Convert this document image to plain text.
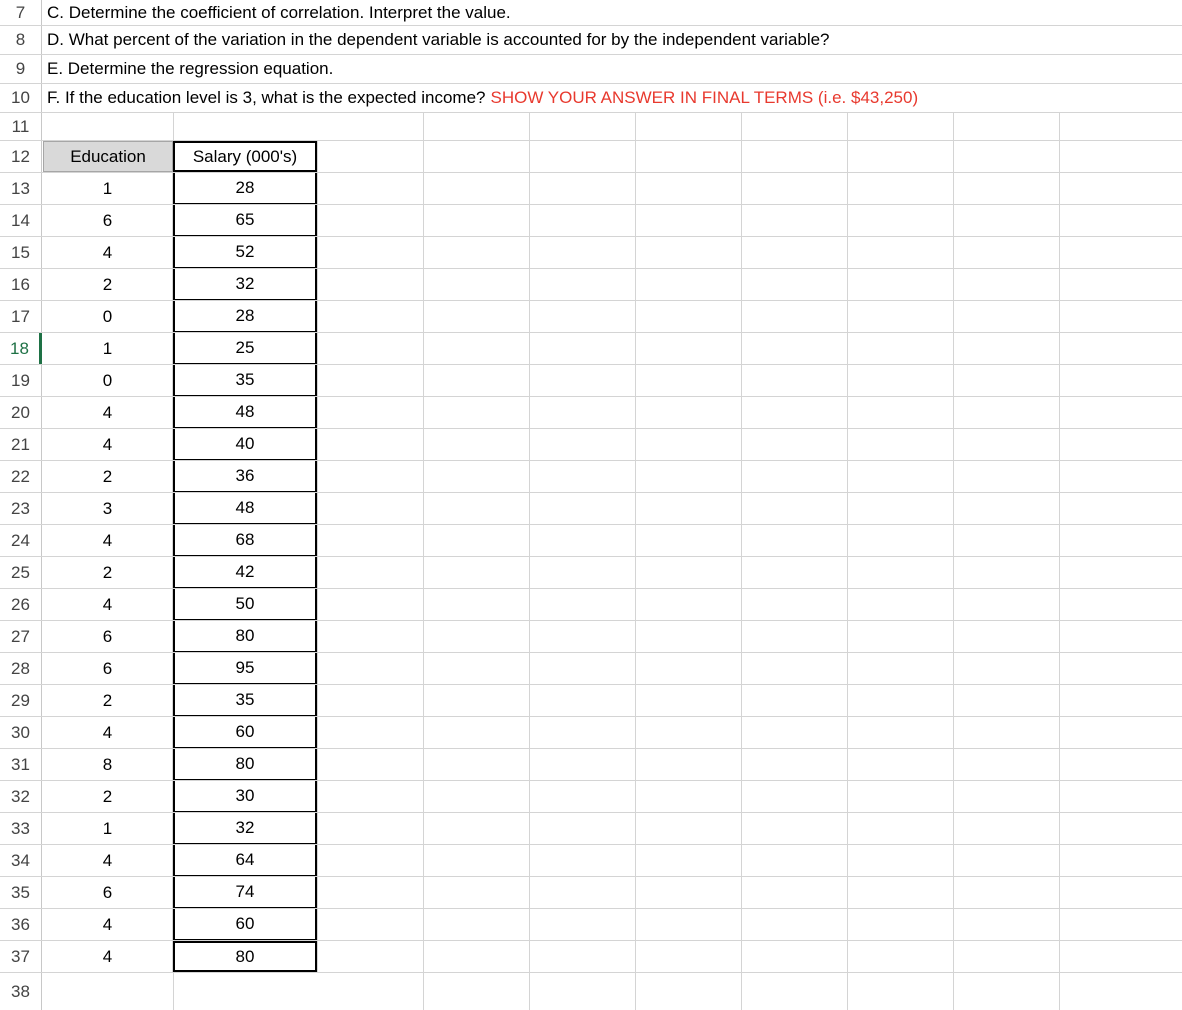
7	C. Determine the coefficient of correlation. Interpret the value.
8	D. What percent of the variation in the dependent variable is accounted for by the independent variable?
9	E. Determine the regression equation.
10	F. If the education level is 3, what is the expected income? SHOW YOUR ANSWER IN FINAL TERMS (i.e. $43,250)
11
12	Education	Salary (000's)
13	1	28
14	6	65
15	4	52
16	2	32
17	0	28
18	1	25
19	0	35
20	4	48
21	4	40
22	2	36
23	3	48
24	4	68
25	2	42
26	4	50
27	6	80
28	6	95
29	2	35
30	4	60
31	8	80
32	2	30
33	1	32
34	4	64
35	6	74
36	4	60
37	4	80
38
